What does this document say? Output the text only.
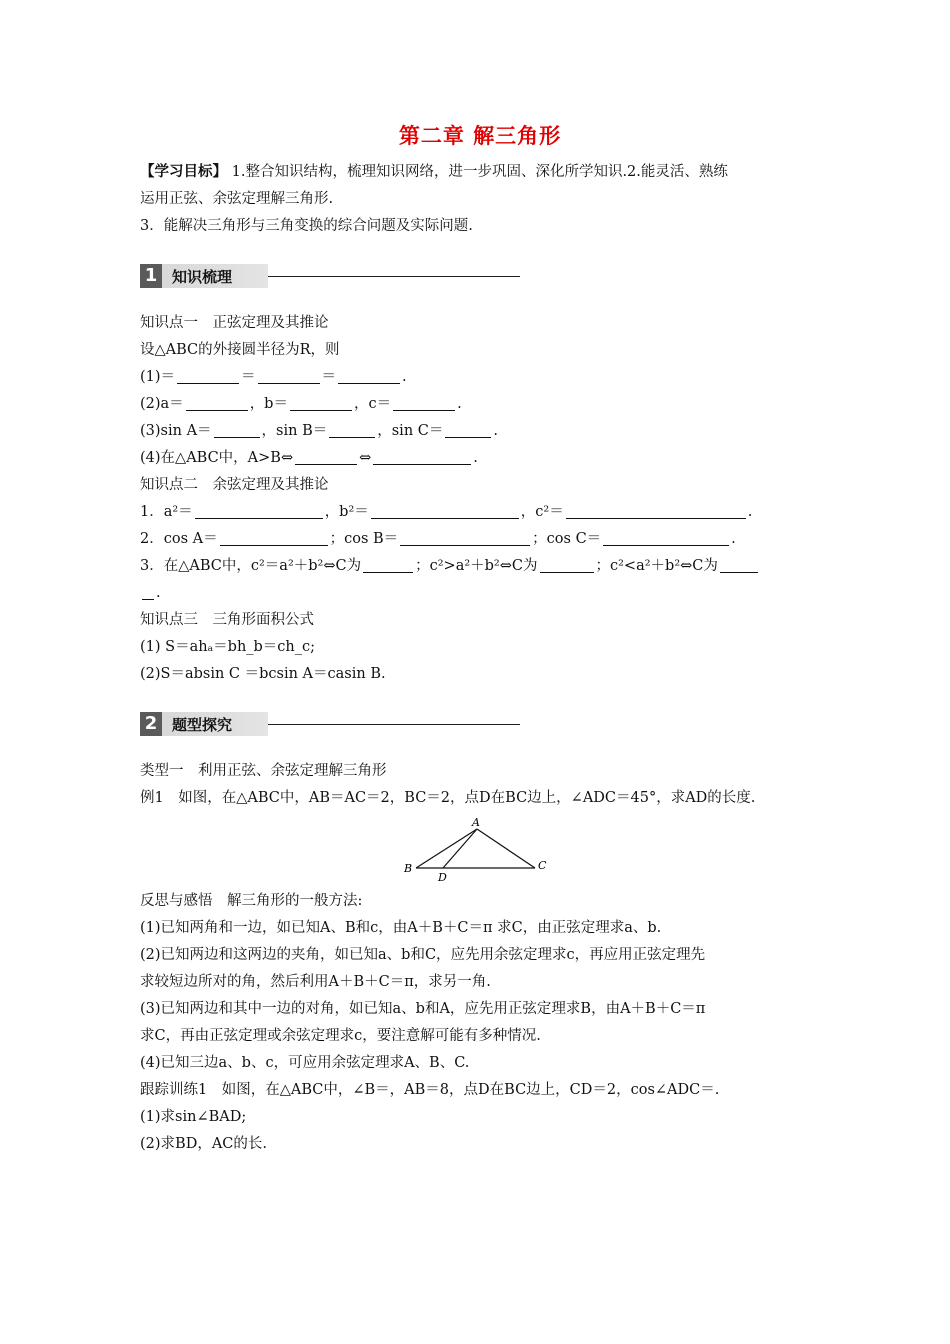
第二章 解三角形
【学习目标】 1.整合知识结构，梳理知识网络，进一步巩固、深化所学知识.2.能灵活、熟练
运用正弦、余弦定理解三角形.
3．能解决三角形与三角变换的综合问题及实际问题.
1 知识梳理
知识点一　正弦定理及其推论
设△ABC的外接圆半径为R，则
(1)＝	＝	＝	.
(2)a＝	，b＝	，c＝	.
(3)sin A＝	，sin B＝	，sin C＝	.
(4)在△ABC中，A>B⇔	⇔	.
知识点二　余弦定理及其推论
1．a²＝	，b²＝	，c²＝	.
2．cos A＝	；cos B＝	；cos C＝	.
3．在△ABC中，c²＝a²＋b²⇔C为	；c²>a²＋b²⇔C为	；c²<a²＋b²⇔C为
.
知识点三　三角形面积公式
(1) S＝ahₐ＝bh_b＝ch_c;
(2)S＝absin C ＝bcsin A＝casin B.
2 题型探究
类型一　利用正弦、余弦定理解三角形
例1　如图，在△ABC中，AB＝AC＝2，BC＝2，点D在BC边上，∠ADC＝45°，求AD的长度.
A
B	C
D
反思与感悟　解三角形的一般方法:
(1)已知两角和一边，如已知A、B和c，由A＋B＋C＝π 求C，由正弦定理求a、b.
(2)已知两边和这两边的夹角，如已知a、b和C，应先用余弦定理求c，再应用正弦定理先
求较短边所对的角，然后利用A＋B＋C＝π，求另一角.
(3)已知两边和其中一边的对角，如已知a、b和A，应先用正弦定理求B，由A＋B＋C＝π
求C，再由正弦定理或余弦定理求c，要注意解可能有多种情况.
(4)已知三边a、b、c，可应用余弦定理求A、B、C.
跟踪训练1　如图，在△ABC中，∠B＝，AB＝8，点D在BC边上，CD＝2，cos∠ADC＝.
(1)求sin∠BAD;
(2)求BD，AC的长.
